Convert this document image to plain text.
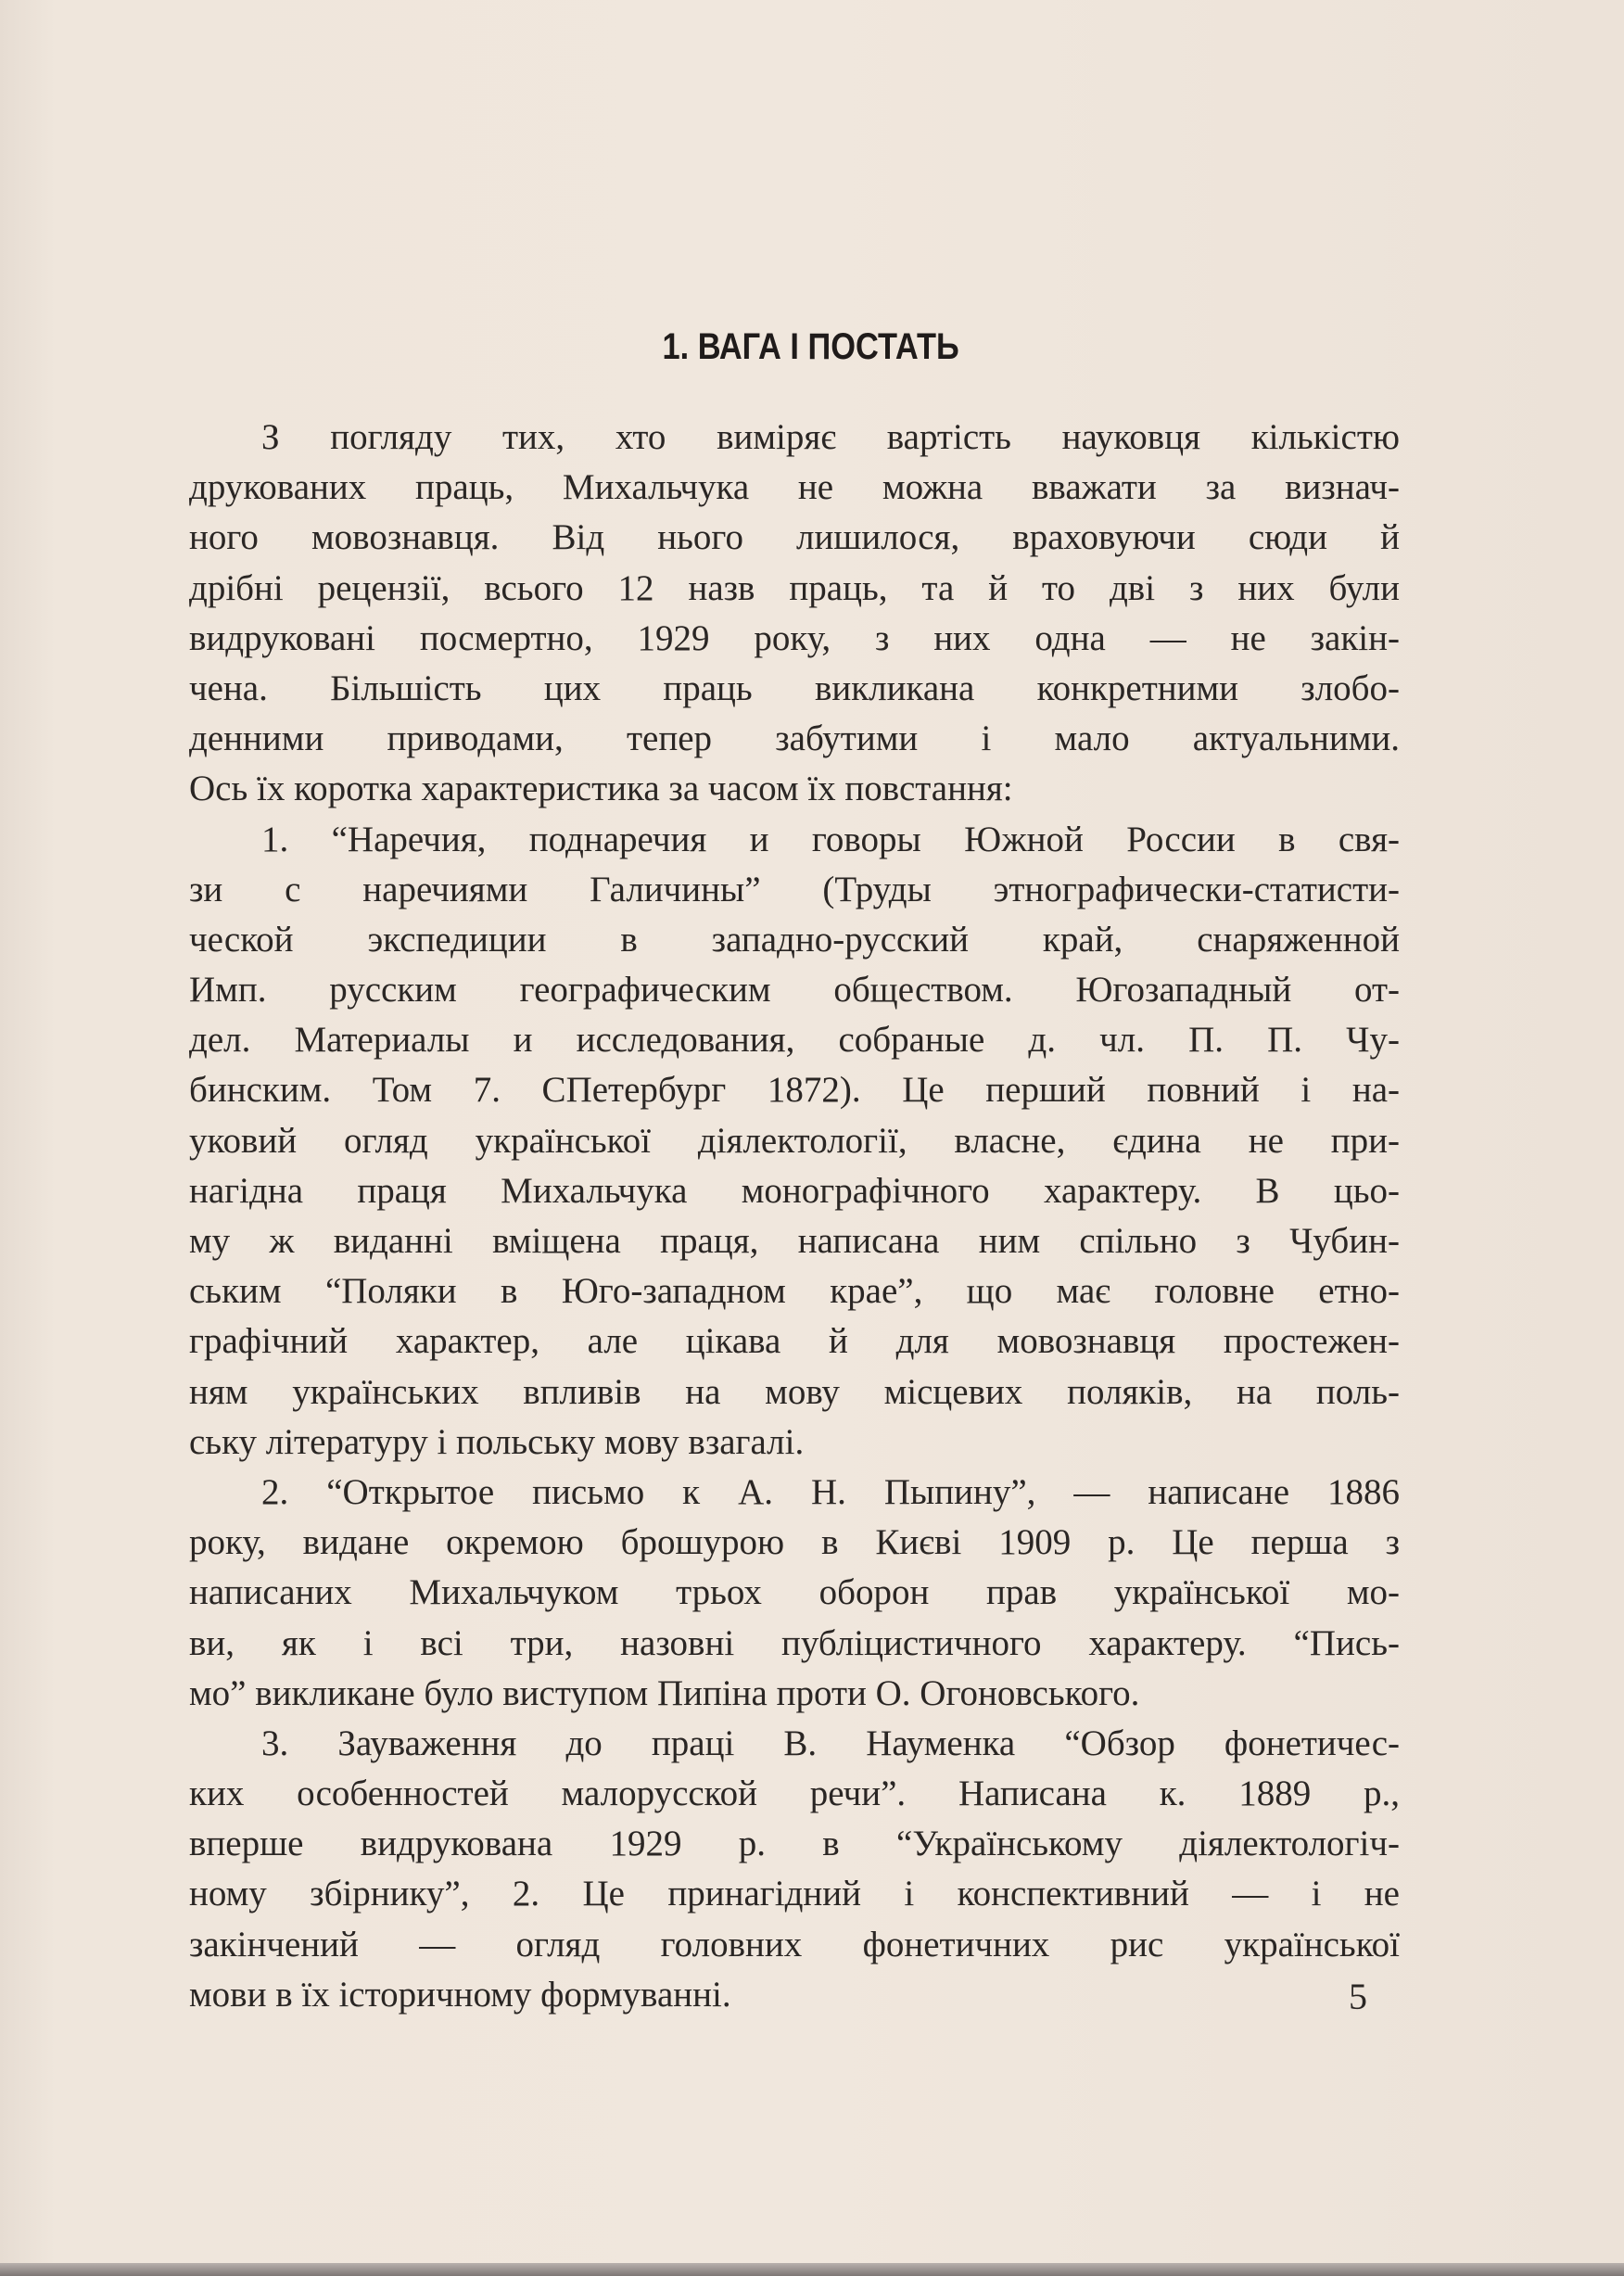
1. ВАГА І ПОСТАТЬ
З погляду тих, хто виміряє вартість науковця кількістю
друкованих праць, Михальчука не можна вважати за визнач-
ного мовознавця. Від нього лишилося, враховуючи сюди й
дрібні рецензії, всього 12 назв праць, та й то дві з них були
видруковані посмертно, 1929 року, з них одна — не закін-
чена. Більшість цих праць викликана конкретними злобо-
денними приводами, тепер забутими і мало актуальними.
Ось їх коротка характеристика за часом їх повстання:
1. “Наречия, поднаречия и говоры Южной России в свя-
зи с наречиями Галичины” (Труды этнографически-статисти-
ческой экспедиции в западно-русский край, снаряженной
Имп. русским географическим обществом. Югозападный от-
дел. Материалы и исследования, собраные д. чл. П. П. Чу-
бинским. Том 7. СПетербург 1872). Це перший повний і на-
уковий огляд української діялектології, власне, єдина не при-
нагідна праця Михальчука монографічного характеру. В цьо-
му ж виданні вміщена праця, написана ним спільно з Чубин-
ським “Поляки в Юго-западном крае”, що має головне етно-
графічний характер, але цікава й для мовознавця простежен-
ням українських впливів на мову місцевих поляків, на поль-
ську літературу і польську мову взагалі.
2. “Открытое письмо к А. Н. Пыпину”, — написане 1886
року, видане окремою брошурою в Києві 1909 р. Це перша з
написаних Михальчуком трьох оборон прав української мо-
ви, як і всі три, назовні публіцистичного характеру. “Пись-
мо” викликане було виступом Пипіна проти О. Огоновського.
3. Зауваження до праці В. Науменка “Обзор фонетичес-
ких особенностей малорусской речи”. Написана к. 1889 р.,
вперше видрукована 1929 р. в “Українському діялектологіч-
ному збірнику”, 2. Це принагідний і конспективний — і не
закінчений — огляд головних фонетичних рис української
мови в їх історичному формуванні.	5
